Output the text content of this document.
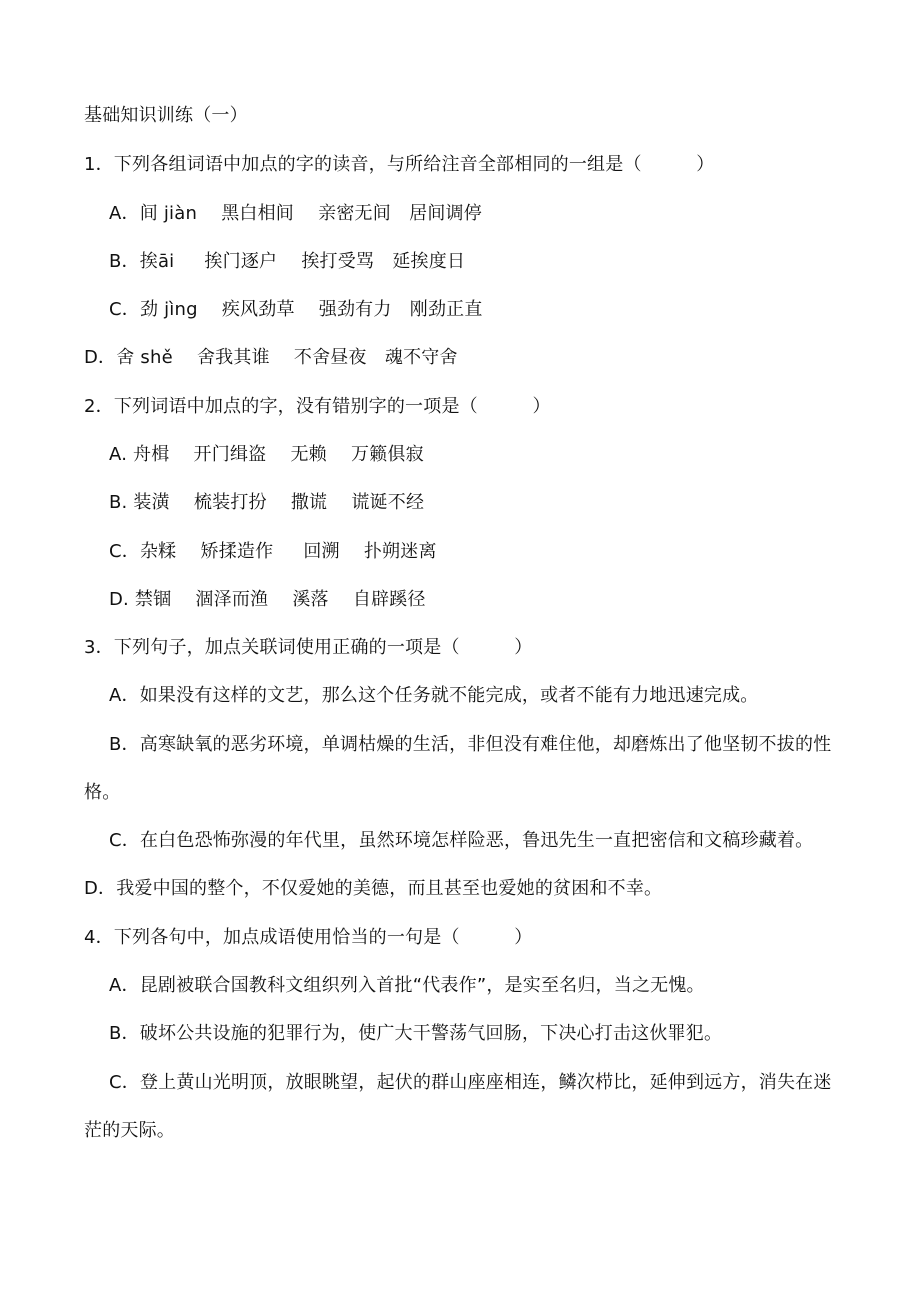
基础知识训练（一）
1．下列各组词语中加点的字的读音，与所给注音全部相同的一组是（　　　）
A．间 jiàn　 黑白相间　 亲密无间　居间调停
B．挨āi　  挨门逐户　 挨打受骂　延挨度日
C．劲 jìng　 疾风劲草　 强劲有力　刚劲正直
D．舍 shě　 舍我其谁　 不舍昼夜　魂不守舍
2．下列词语中加点的字，没有错别字的一项是（　　　）
A. 舟楫　 开门缉盗　 无赖　 万籁俱寂
B. 装潢　 梳装打扮　 撒谎　 谎诞不经
C．杂糅　 矫揉造作　  回溯　 扑朔迷离
D. 禁锢　 涸泽而渔　 溪落　 自辟蹊径
3．下列句子，加点关联词使用正确的一项是（　　　）
A．如果没有这样的文艺，那么这个任务就不能完成，或者不能有力地迅速完成。
B．高寒缺氧的恶劣环境，单调枯燥的生活，非但没有难住他，却磨炼出了他坚韧不拔的性
格。
C．在白色恐怖弥漫的年代里，虽然环境怎样险恶，鲁迅先生一直把密信和文稿珍藏着。
D．我爱中国的整个，不仅爱她的美德，而且甚至也爱她的贫困和不幸。
4．下列各句中，加点成语使用恰当的一句是（　　　）
A．昆剧被联合国教科文组织列入首批“代表作”，是实至名归，当之无愧。
B．破坏公共设施的犯罪行为，使广大干警荡气回肠，下决心打击这伙罪犯。
C．登上黄山光明顶，放眼眺望，起伏的群山座座相连，鳞次栉比，延伸到远方，消失在迷
茫的天际。
